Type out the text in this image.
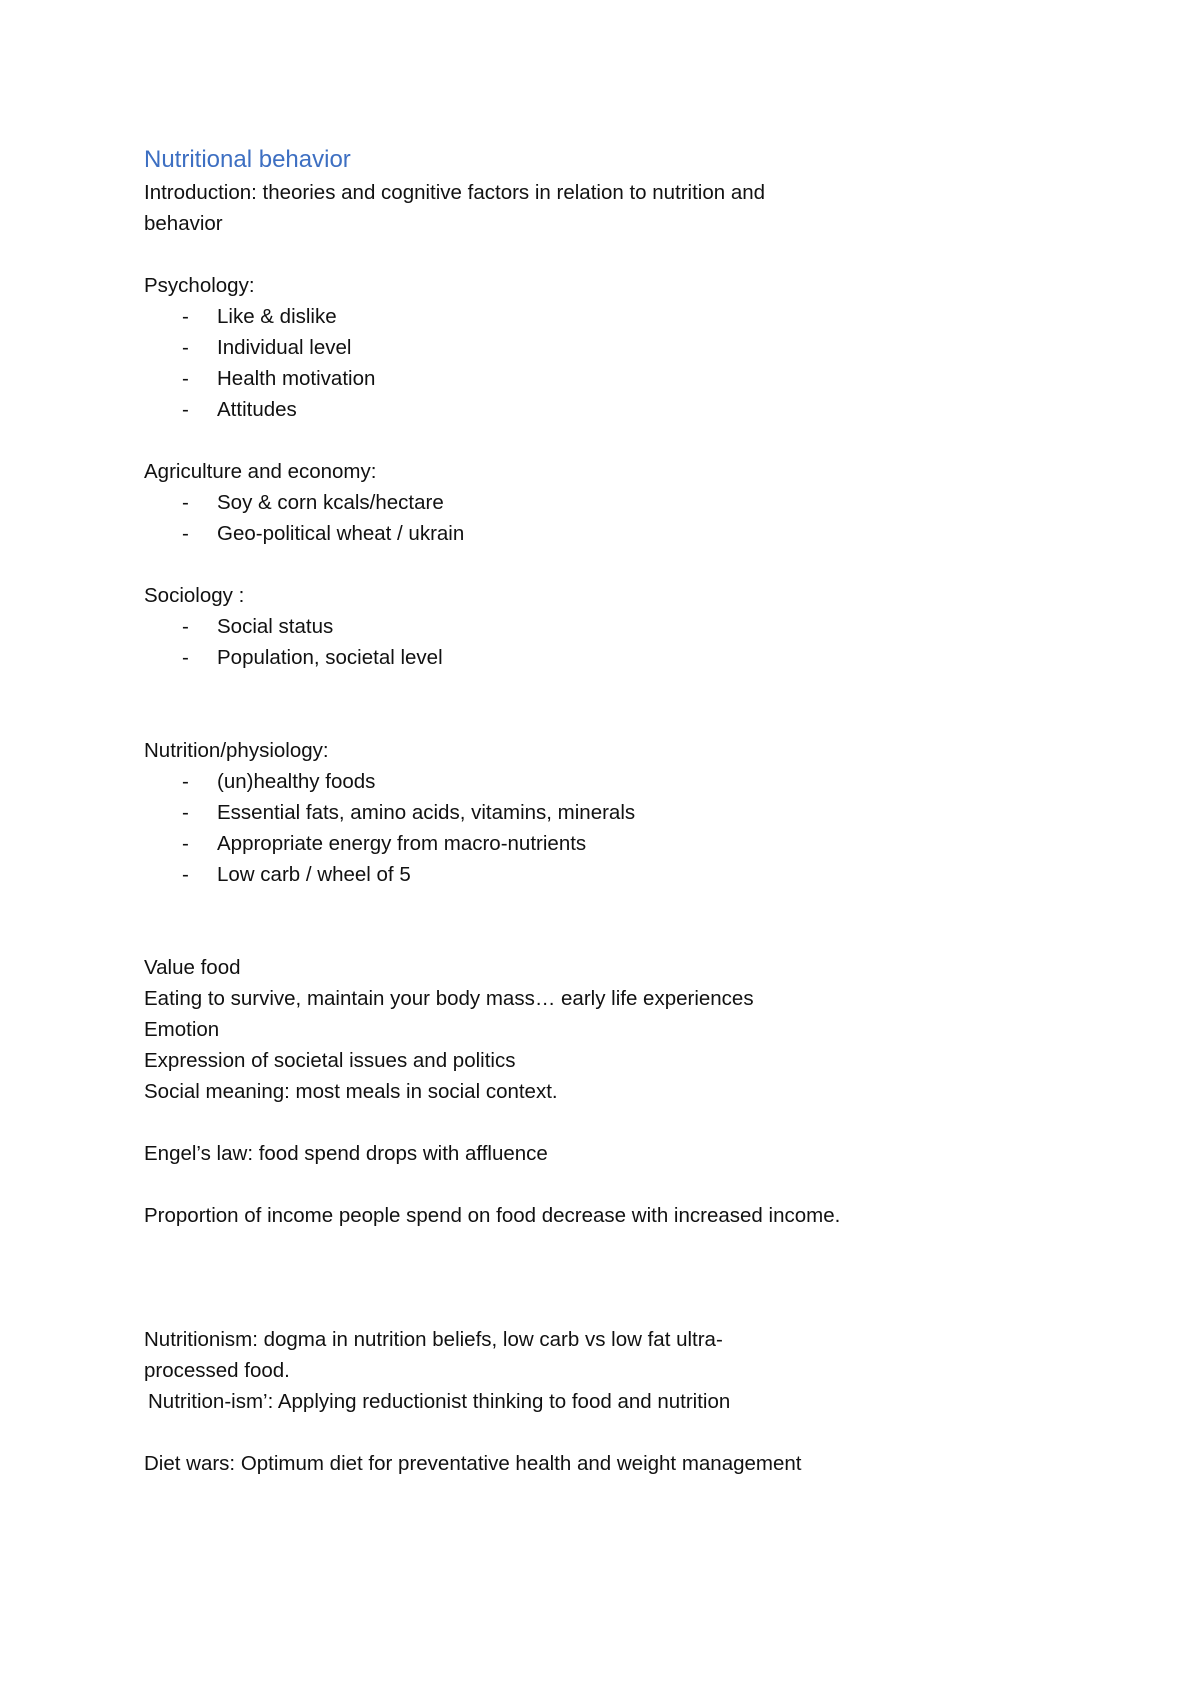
Nutritional behavior

Introduction: theories and cognitive factors in relation to nutrition and behavior

Psychology:

- Like & dislike
- Individual level
- Health motivation
- Attitudes

Agriculture and economy:

- Soy & corn kcals/hectare
- Geo-political wheat / ukrain

Sociology :

- Social status
- Population, societal level

Nutrition/physiology:

- (un)healthy foods
- Essential fats, amino acids, vitamins, minerals
- Appropriate energy from macro-nutrients
- Low carb / wheel of 5

Value food

Eating to survive, maintain your body mass… early life experiences

Emotion

Expression of societal issues and politics

Social meaning: most meals in social context.

Engel’s law: food spend drops with affluence

Proportion of income people spend on food decrease with increased income.

Nutritionism: dogma in nutrition beliefs, low carb vs low fat ultra-processed food.

Nutrition-ism’: Applying reductionist thinking to food and nutrition

Diet wars: Optimum diet for preventative health and weight management
